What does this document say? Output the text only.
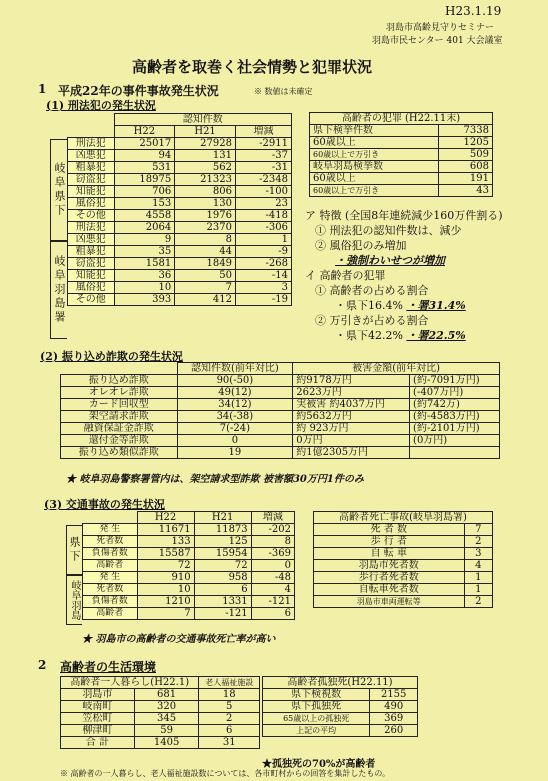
H23.1.19
羽島市高齢見守りセミナー
羽島市民センター 401 大会議室
高齢者を取巻く社会情勢と犯罪状況
1 平成22年の事件事故発生状況	※ 数値は未確定
(1) 刑法犯の発生状況
	認知件数		
	H22	H21	増減
刑法犯	25017	27928	-2911
凶悪犯	94	131	-37
粗暴犯	531	562	-31
窃盗犯	18975	21323	-2348
知能犯	706	806	-100
風俗犯	153	130	23
その他	4558	1976	-418
刑法犯	2064	2370	-306
凶悪犯	9	8	1
粗暴犯	35	44	-9
窃盗犯	1581	1849	-268
知能犯	36	50	-14
風俗犯	10	7	3
その他	393	412	-19
岐阜県下
岐阜羽島署
高齢者の犯罪 (H22.11末)	
県下検挙件数	7338
60歳以上	1205
60歳以上で万引き	509
岐阜羽島検挙数	608
60歳以上	191
60歳以上で万引き	43
ア 特徴 (全国8年連続減少160万件割る)
① 刑法犯の認知件数は、減少
② 風俗犯のみ増加
・強制わいせつが増加
イ 高齢者の犯罪
① 高齢者の占める割合
・県下16.4% ・署31.4%
② 万引きが占める割合
・県下42.2% ・署22.5%
(2) 振り込め詐欺の発生状況
	認知件数(前年対比)	被害金額(前年対比)	
振り込め詐欺	90(-50)	約9178万円	(約-7091万円)
オレオレ詐欺	49(12)	2623万円	(-407万円)
カード回収型	34(12)	実被害 約4037万円	(約742万)
架空請求詐欺	34(-38)	約5632万円	(約-4583万円)
融資保証金詐欺	7(-24)	約 923万円	(約-2101万円)
還付金等詐欺	0	0万円	(0万円)
振り込め類似詐欺	19	約1億2305万円	
★ 岐阜羽島警察署管内は、架空請求型詐欺 被害額30万円1件のみ
(3) 交通事故の発生状況
	H22	H21	増減
発 生	11671	11873	-202
死者数	133	125	8
負傷者数	15587	15954	-369
高齢者	72	72	0
発 生	910	958	-48
死者数	10	6	4
負傷者数	1210	1331	-121
高齢者	7	-121	6
県下
岐阜羽島
★ 羽島市の高齢者の交通事故死亡率が高い
高齢者死亡事故(岐阜羽島署)	
死 者 数	7
歩 行 者	2
自 転 車	3
羽島市死者数	4
歩行者死者数	1
自転車死者数	1
羽島市車両運転等	2
2 高齢者の生活環境
高齢者一人暮らし(H22.1)		老人福祉施設
羽島市	681	18
岐南町	320	5
笠松町	345	2
柳津町	59	6
合 計	1405	31
高齢者孤独死(H22.11)	
県下検視数	2155
県下孤独死	490
65歳以上の孤独死	369
上記の平均	260
★孤独死の70%が高齢者
※ 高齢者の一人暮らし、老人福祉施設数については、各市町村からの回答を集計したもの。
